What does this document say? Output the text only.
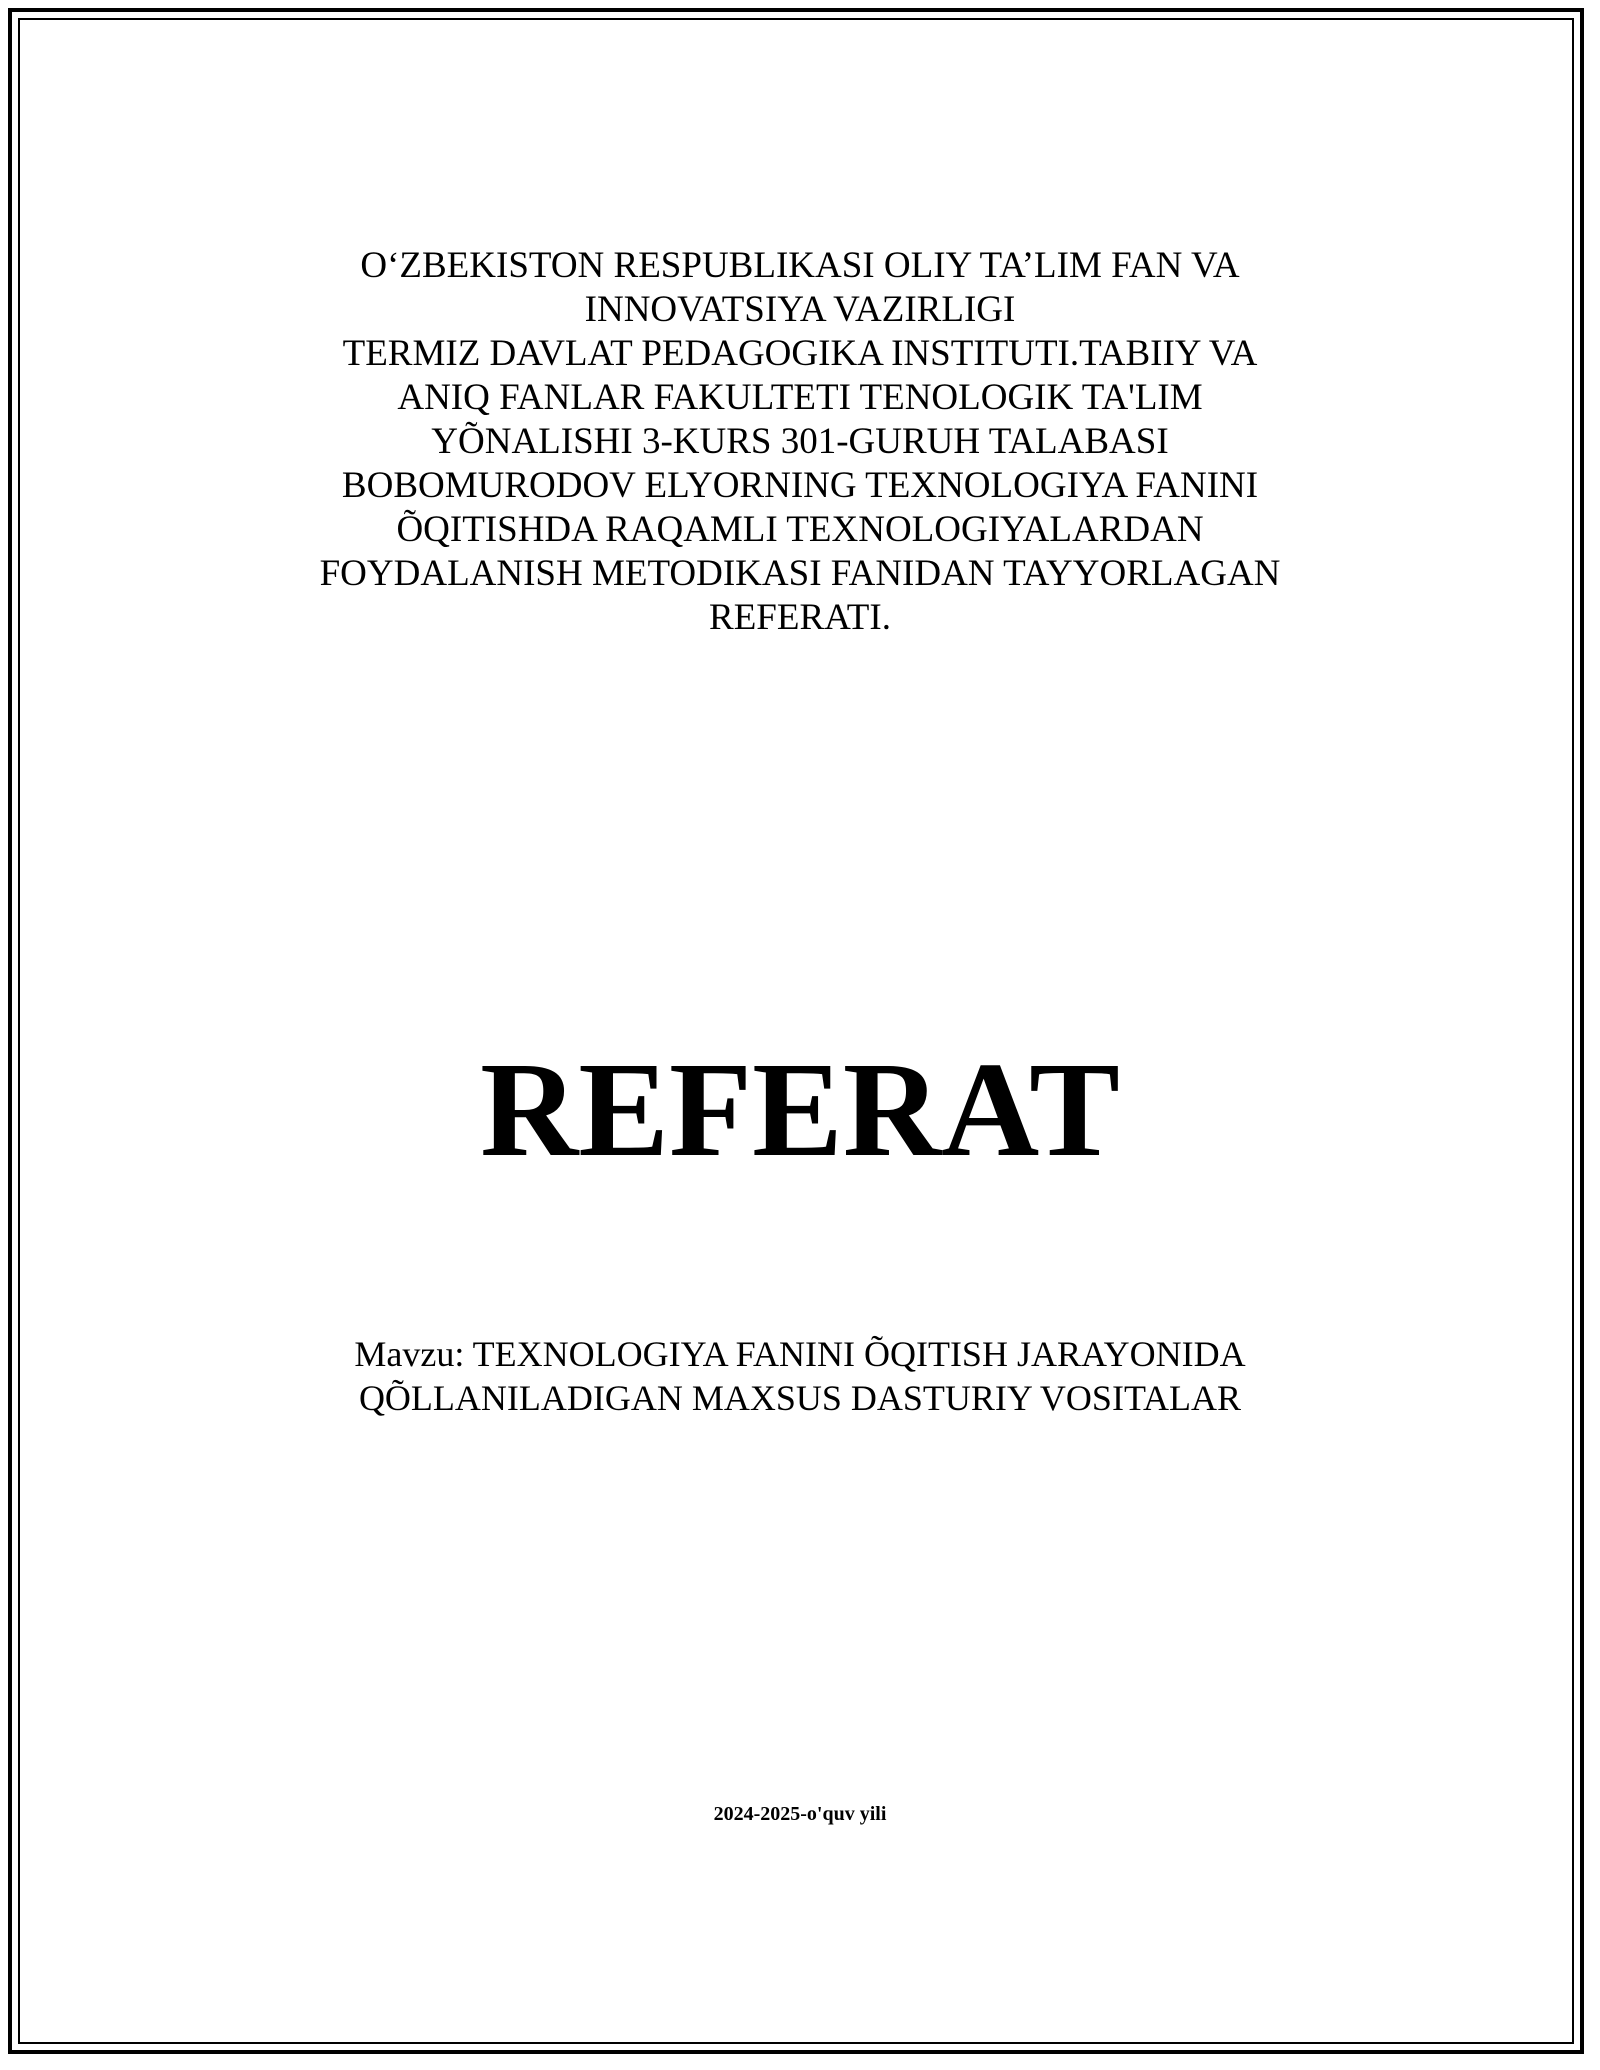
O‘ZBEKISTON RESPUBLIKASI OLIY TA’LIM FAN VA
INNOVATSIYA VAZIRLIGI
TERMIZ DAVLAT PEDAGOGIKA INSTITUTI.TABIIY VA
ANIQ FANLAR FAKULTETI TENOLOGIK TA'LIM
YÕNALISHI 3-KURS 301-GURUH TALABASI
BOBOMURODOV ELYORNING TEXNOLOGIYA FANINI
ÕQITISHDA RAQAMLI TEXNOLOGIYALARDAN
FOYDALANISH METODIKASI FANIDAN TAYYORLAGAN
REFERATI.
REFERAT
Mavzu: TEXNOLOGIYA FANINI ÕQITISH JARAYONIDA
QÕLLANILADIGAN MAXSUS DASTURIY VOSITALAR
2024-2025-o'quv yili
